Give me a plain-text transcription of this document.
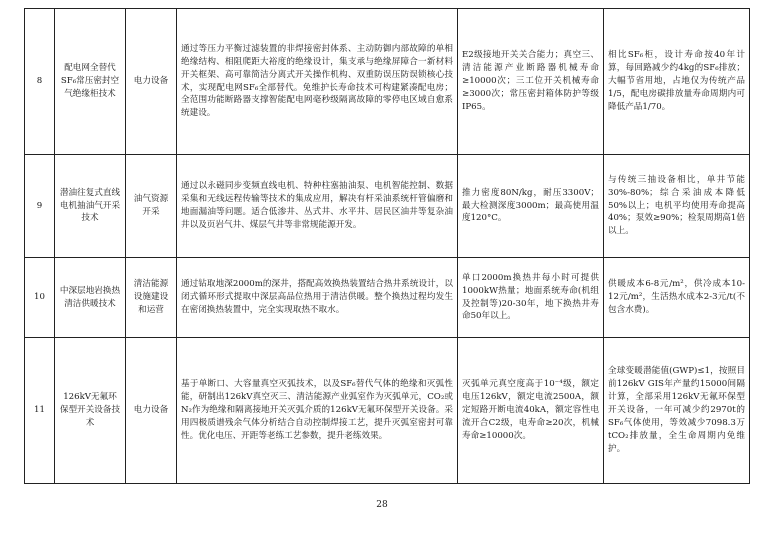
8	配电网全替代SF₆常压密封空气绝缘柜技术	电力设备	通过等压力平衡过滤装置的非焊接密封体系、主动防御内部故障的单相绝缘结构、相阻爬距大裕度的绝缘设计，集支承与绝缘屏障合一新材料开关框架、高可靠简洁分离式开关操作机构、双重防误压防误锁核心技术，实现配电网SF₆全部替代。免维护长寿命技术可构建紧凑配电房；全范围功能断路器支撑智能配电网毫秒级隔离故障的零停电区域自愈系统建设。	E2级接地开关关合能力；真空三、清洁能源产业断路器机械寿命≥10000次；三工位开关机械寿命≥3000次；常压密封箱体防护等级IP65。	相比SF₆柜，设计寿命按40年计算，每回路减少约4kg的SF₆排放；大幅节省用地，占地仅为传统产品1/5，配电房碳排放量寿命周期内可降低产品1/70。
9	潜油往复式直线电机抽油气开采技术	油气资源开采	通过以永磁同步变频直线电机、特种柱塞抽油泵、电机智能控制、数据采集和无线远程传输等技术的集成应用，解决有杆采油系统杆管偏磨和地面漏油等问题。适合低渗井、丛式井、水平井、居民区油井等复杂油井以及页岩气井、煤层气井等非常规能源开发。	推力密度80N/kg，耐压3300V；最大检测深度3000m；最高使用温度120°C。	与传统三抽设备相比，单井节能30%-80%；综合采油成本降低50%以上；电机平均使用寿命提高40%；泵效≥90%；检泵周期高1倍以上。
10	中深层地岩换热清洁供暖技术	清洁能源设施建设和运营	通过钻取地深2000m的深井，搭配高效换热装置结合热井系统设计，以闭式循环形式提取中深层高品位热用于清洁供暖。整个换热过程均发生在密闭换热装置中，完全实现取热不取水。	单口2000m换热井每小时可提供1000kW热量；地面系统寿命(机组及控制等)20-30年，地下换热井寿命50年以上。	供暖成本6-8元/m²，供冷成本10-12元/m²，生活热水成本2-3元/t(不包含水费)。
11	126kV无氟环保型开关设备技术	电力设备	基于单断口、大容量真空灭弧技术，以及SF₆替代气体的绝缘和灭弧性能，研制出126kV真空灭三、清洁能源产业弧室作为灭弧单元，CO₂或N₂作为绝缘和隔离接地开关灭弧介质的126kV无氟环保型开关设备。采用四极质谱残余气体分析结合自动控制焊接工艺，提升灭弧室密封可靠性。优化电压、开距等老练工艺参数，提升老练效果。	灭弧单元真空度高于10⁻⁴级，额定电压126kV，额定电流2500A，额定短路开断电流40kA，额定容性电流开合C2级，电寿命≥20次，机械寿命≥10000次。	全球变暖潜能值(GWP)≤1，按照目前126kV GIS年产量约15000间隔计算，全部采用126kV无氟环保型开关设备，一年可减少约2970t的SF₆气体使用，等效减少7098.3万tCO₂排放量，全生命周期内免维护。
28
